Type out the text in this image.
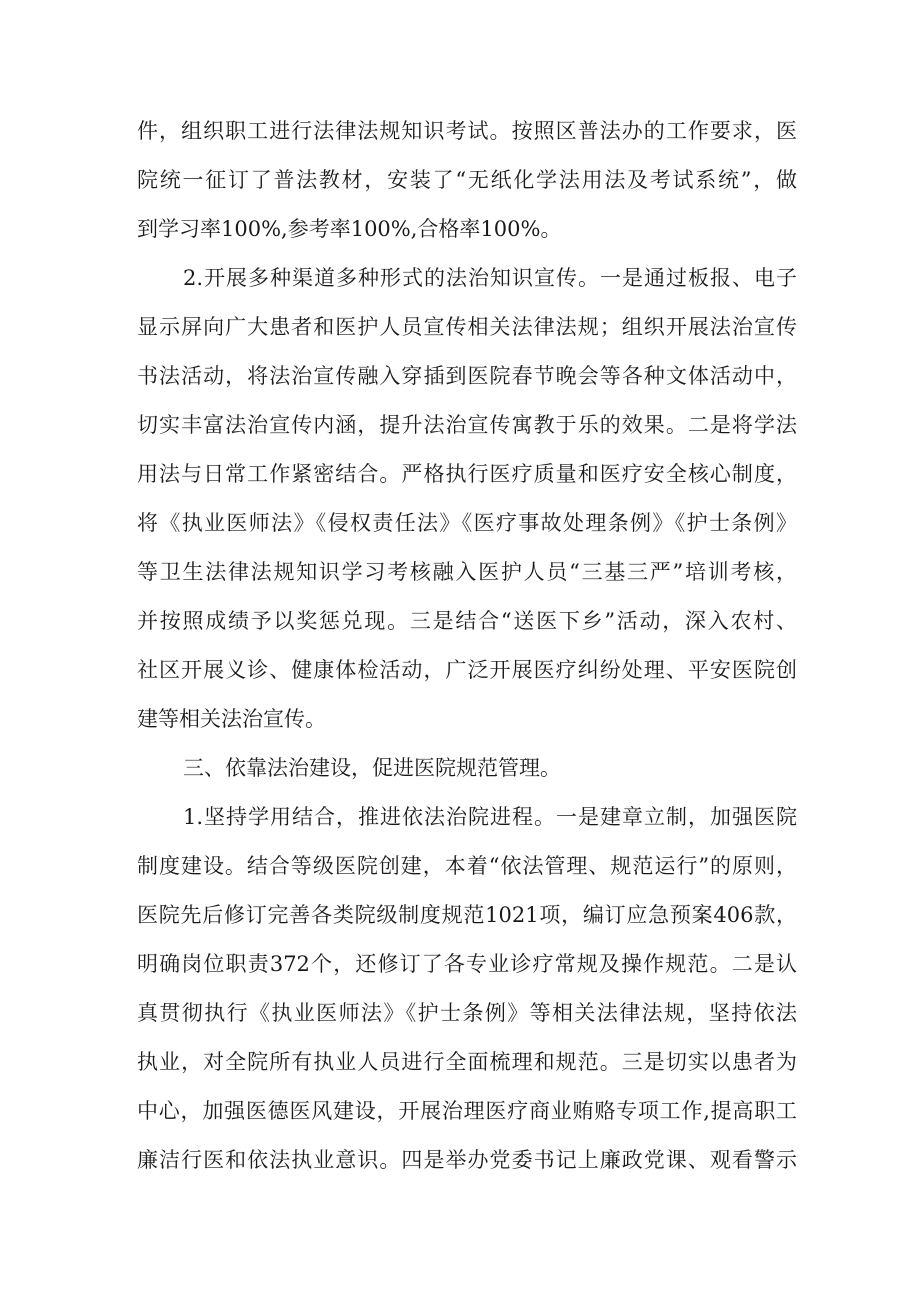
件，组织职工进行法律法规知识考试。按照区普法办的工作要求，医
院统一征订了普法教材，安装了“无纸化学法用法及考试系统”，做
到学习率100%,参考率100%,合格率100%。
2.开展多种渠道多种形式的法治知识宣传。一是通过板报、电子
显示屏向广大患者和医护人员宣传相关法律法规；组织开展法治宣传
书法活动，将法治宣传融入穿插到医院春节晚会等各种文体活动中，
切实丰富法治宣传内涵，提升法治宣传寓教于乐的效果。二是将学法
用法与日常工作紧密结合。严格执行医疗质量和医疗安全核心制度，
将《执业医师法》《侵权责任法》《医疗事故处理条例》《护士条例》
等卫生法律法规知识学习考核融入医护人员“三基三严”培训考核，
并按照成绩予以奖惩兑现。三是结合“送医下乡”活动，深入农村、
社区开展义诊、健康体检活动，广泛开展医疗纠纷处理、平安医院创
建等相关法治宣传。
三、依靠法治建设，促进医院规范管理。
1.坚持学用结合，推进依法治院进程。一是建章立制，加强医院
制度建设。结合等级医院创建，本着“依法管理、规范运行”的原则，
医院先后修订完善各类院级制度规范1021项，编订应急预案406款，
明确岗位职责372个，还修订了各专业诊疗常规及操作规范。二是认
真贯彻执行《执业医师法》《护士条例》等相关法律法规，坚持依法
执业，对全院所有执业人员进行全面梳理和规范。三是切实以患者为
中心，加强医德医风建设，开展治理医疗商业贿赂专项工作,提高职工
廉洁行医和依法执业意识。四是举办党委书记上廉政党课、观看警示
